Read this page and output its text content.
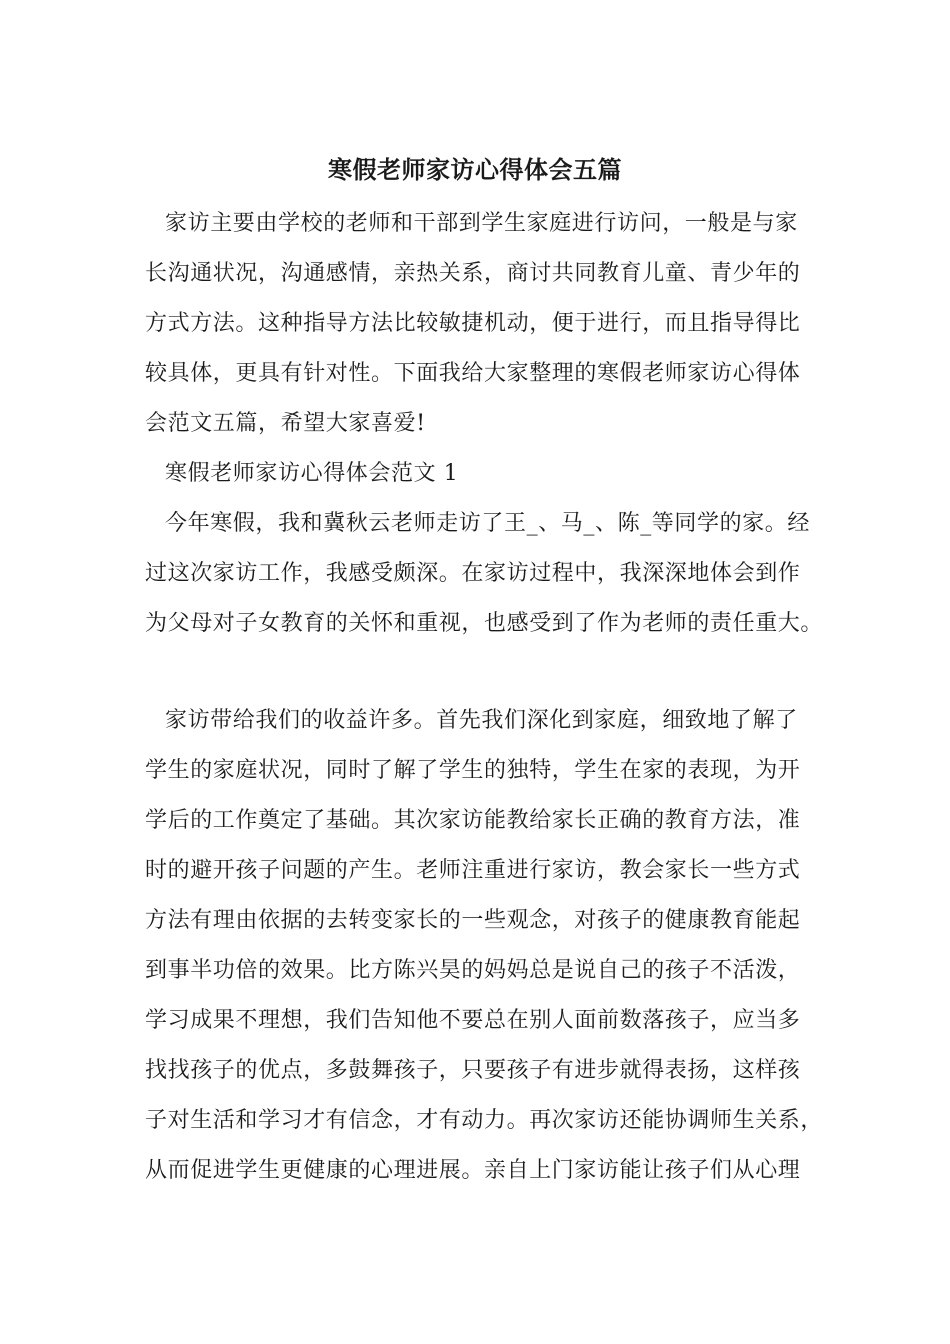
寒假老师家访心得体会五篇
家访主要由学校的老师和干部到学生家庭进行访问，一般是与家
长沟通状况，沟通感情，亲热关系，商讨共同教育儿童、青少年的
方式方法。这种指导方法比较敏捷机动，便于进行，而且指导得比
较具体，更具有针对性。下面我给大家整理的寒假老师家访心得体
会范文五篇，希望大家喜爱!
寒假老师家访心得体会范文 1
今年寒假，我和冀秋云老师走访了王_、马_、陈_等同学的家。经
过这次家访工作，我感受颇深。在家访过程中，我深深地体会到作
为父母对子女教育的关怀和重视，也感受到了作为老师的责任重大。
家访带给我们的收益许多。首先我们深化到家庭，细致地了解了
学生的家庭状况，同时了解了学生的独特，学生在家的表现，为开
学后的工作奠定了基础。其次家访能教给家长正确的教育方法，准
时的避开孩子问题的产生。老师注重进行家访，教会家长一些方式
方法有理由依据的去转变家长的一些观念，对孩子的健康教育能起
到事半功倍的效果。比方陈兴昊的妈妈总是说自己的孩子不活泼，
学习成果不理想，我们告知他不要总在别人面前数落孩子，应当多
找找孩子的优点，多鼓舞孩子，只要孩子有进步就得表扬，这样孩
子对生活和学习才有信念，才有动力。再次家访还能协调师生关系，
从而促进学生更健康的心理进展。亲自上门家访能让孩子们从心理
